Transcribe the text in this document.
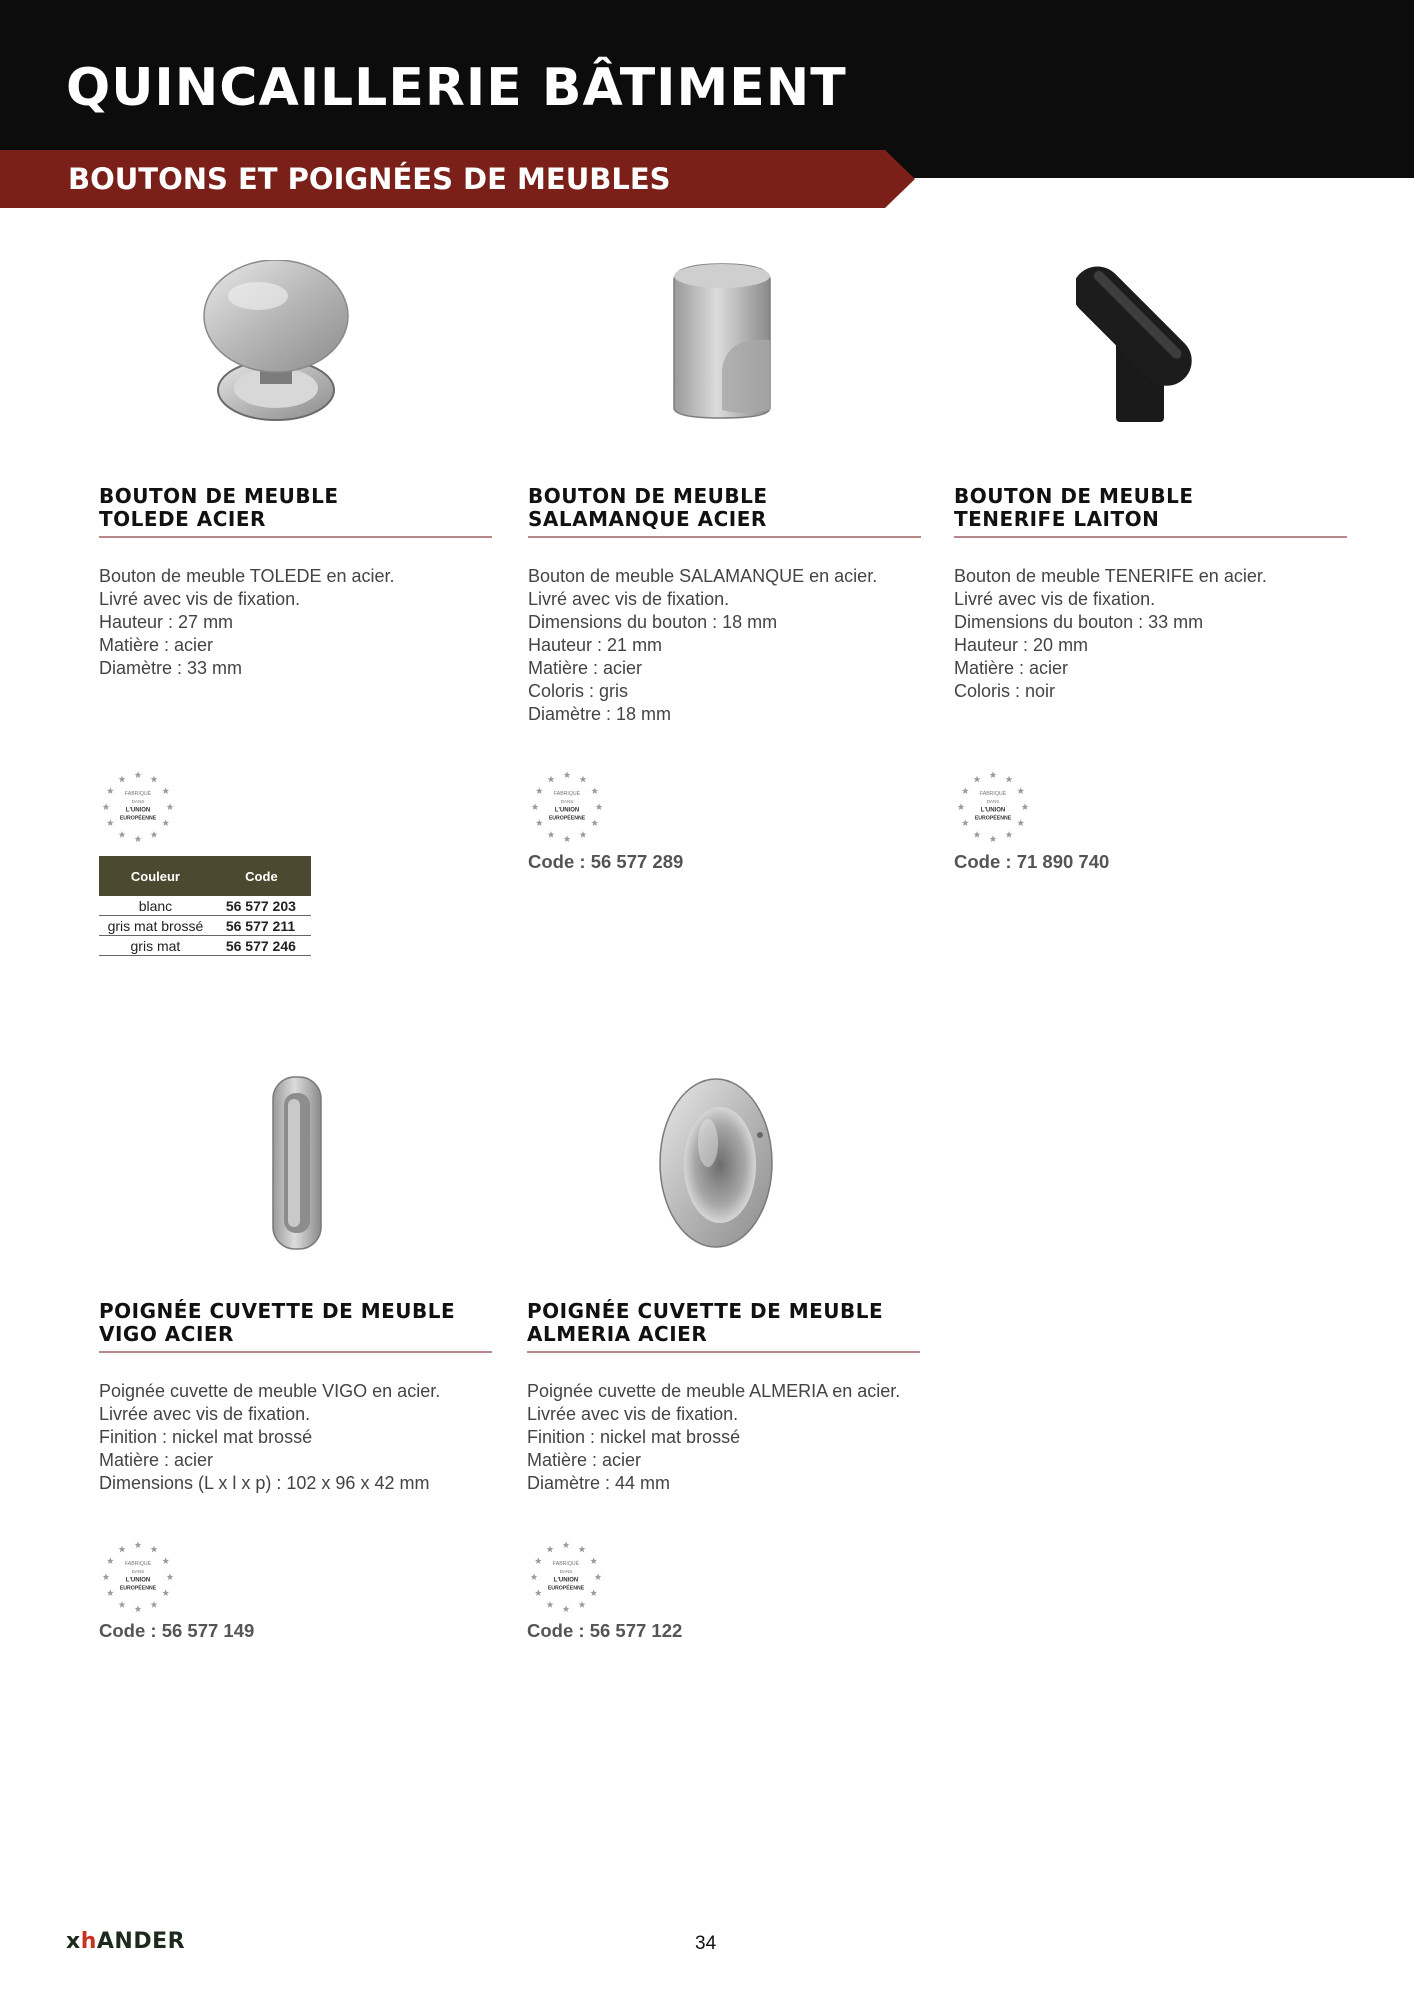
QUINCAILLERIE BÂTIMENT
BOUTONS ET POIGNÉES DE MEUBLES
BOUTON DE MEUBLE
TOLEDE ACIER
Bouton de meuble TOLEDE en acier.
Livré avec vis de fixation.
Hauteur : 27 mm
Matière : acier
Diamètre : 33 mm
FABRIQUÉ
DANS
L'UNION
EUROPÉENNE
Couleur	Code
blanc	56 577 203
gris mat brossé	56 577 211
gris mat	56 577 246
BOUTON DE MEUBLE
SALAMANQUE ACIER
Bouton de meuble SALAMANQUE en acier.
Livré avec vis de fixation.
Dimensions du bouton : 18 mm
Hauteur : 21 mm
Matière : acier
Coloris : gris
Diamètre : 18 mm
FABRIQUÉ
DANS
L'UNION
EUROPÉENNE
Code : 56 577 289
BOUTON DE MEUBLE
TENERIFE LAITON
Bouton de meuble TENERIFE en acier.
Livré avec vis de fixation.
Dimensions du bouton : 33 mm
Hauteur : 20 mm
Matière : acier
Coloris : noir
FABRIQUÉ
DANS
L'UNION
EUROPÉENNE
Code : 71 890 740
POIGNÉE CUVETTE DE MEUBLE
VIGO ACIER
Poignée cuvette de meuble VIGO en acier.
Livrée avec vis de fixation.
Finition : nickel mat brossé
Matière : acier
Dimensions (L x l x p) : 102 x 96 x 42 mm
FABRIQUÉ
DANS
L'UNION
EUROPÉENNE
Code : 56 577 149
POIGNÉE CUVETTE DE MEUBLE
ALMERIA ACIER
Poignée cuvette de meuble ALMERIA en acier.
Livrée avec vis de fixation.
Finition : nickel mat brossé
Matière : acier
Diamètre : 44 mm
FABRIQUÉ
DANS
L'UNION
EUROPÉENNE
Code : 56 577 122
xhANDER	34
